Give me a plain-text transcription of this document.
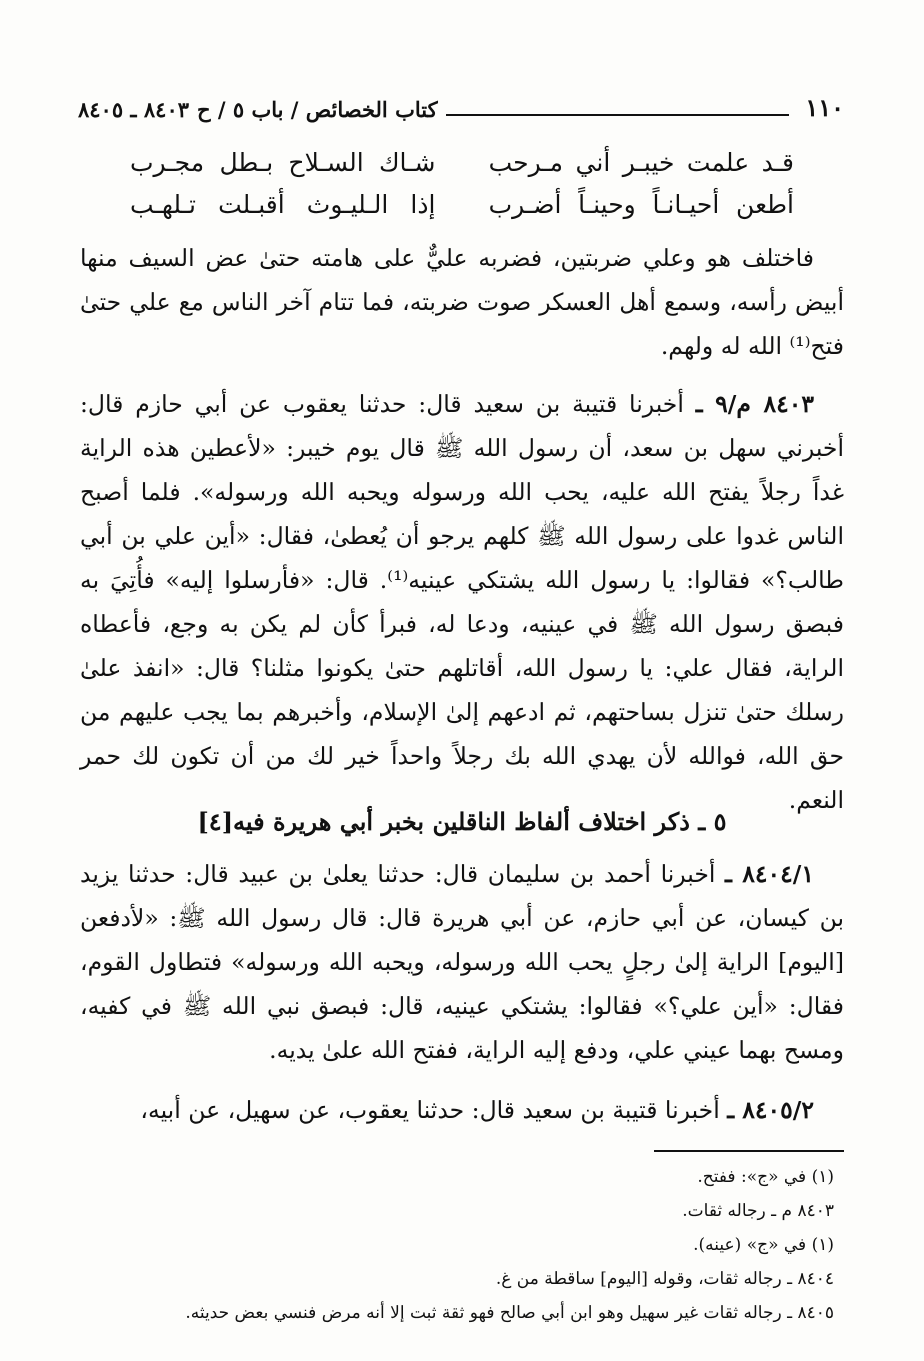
١١٠
كتاب الخصائص / باب ٥ / ح
٨٤٠٣ ـ ٨٤٠٥
قـد علمت خيبـر أني مـرحب
شـاك السـلاح بـطل مجـرب
أطعن أحيـانـاً وحينـاً أضـرب
إذا الـليـوث أقبـلت تـلهـب
فاختلف هو وعلي ضربتين، فضربه عليٌّ على هامته حتىٰ عض السيف منها أبيض رأسه، وسمع أهل العسكر صوت ضربته، فما تتام آخر الناس مع علي حتىٰ فتح⁽¹⁾ الله له ولهم.
٨٤٠٣ م/٩ ـ أخبرنا قتيبة بن سعيد قال: حدثنا يعقوب عن أبي حازم قال: أخبرني سهل بن سعد، أن رسول الله ﷺ قال يوم خيبر: «لأعطين هذه الراية غداً رجلاً يفتح الله عليه، يحب الله ورسوله ويحبه الله ورسوله». فلما أصبح الناس غدوا على رسول الله ﷺ كلهم يرجو أن يُعطىٰ، فقال: «أين علي بن أبي طالب؟» فقالوا: يا رسول الله يشتكي عينيه⁽¹⁾. قال: «فأرسلوا إليه» فأُتِيَ به فبصق رسول الله ﷺ في عينيه، ودعا له، فبرأ كأن لم يكن به وجع، فأعطاه الراية، فقال علي: يا رسول الله، أقاتلهم حتىٰ يكونوا مثلنا؟ قال: «انفذ علىٰ رسلك حتىٰ تنزل بساحتهم، ثم ادعهم إلىٰ الإسلام، وأخبرهم بما يجب عليهم من حق الله، فوالله لأن يهدي الله بك رجلاً واحداً خير لك من أن تكون لك حمر النعم.
٥ ـ ذكر اختلاف ألفاظ الناقلين بخبر أبي هريرة فيه[٤]
٨٤٠٤/١ ـ أخبرنا أحمد بن سليمان قال: حدثنا يعلىٰ بن عبيد قال: حدثنا يزيد بن كيسان، عن أبي حازم، عن أبي هريرة قال: قال رسول الله ﷺ: «لأدفعن [اليوم] الراية إلىٰ رجلٍ يحب الله ورسوله، ويحبه الله ورسوله» فتطاول القوم، فقال: «أين علي؟» فقالوا: يشتكي عينيه، قال: فبصق نبي الله ﷺ في كفيه، ومسح بهما عيني علي، ودفع إليه الراية، ففتح الله علىٰ يديه.
٨٤٠٥/٢ ـ أخبرنا قتيبة بن سعيد قال: حدثنا يعقوب، عن سهيل، عن أبيه،
(١) في «ج»: ففتح.
٨٤٠٣ م ـ رجاله ثقات.
(١) في «ج» (عينه).
٨٤٠٤ ـ رجاله ثقات، وقوله [اليوم] ساقطة من غ.
٨٤٠٥ ـ رجاله ثقات غير سهيل وهو ابن أبي صالح فهو ثقة ثبت إلا أنه مرض فنسي بعض حديثه.
